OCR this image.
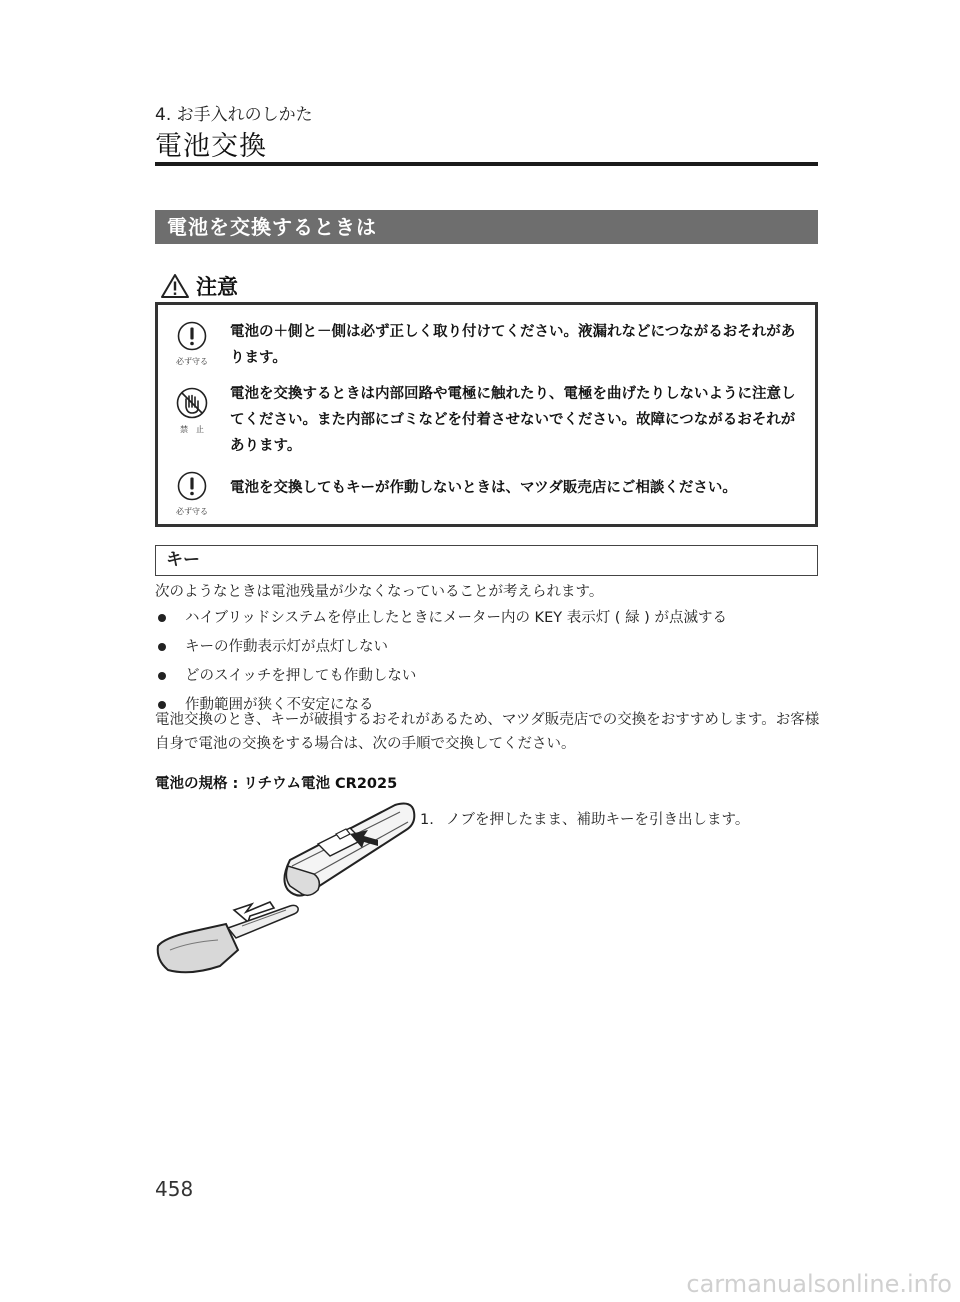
4. お手入れのしかた
電池交換
電池を交換するときは
注意
必ず守る
電池の＋側と－側は必ず正しく取り付けてください。液漏れなどにつながるおそれがあります。
禁　止
電池を交換するときは内部回路や電極に触れたり、電極を曲げたりしないように注意してください。また内部にゴミなどを付着させないでください。故障につながるおそれがあります。
必ず守る
電池を交換してもキーが作動しないときは、マツダ販売店にご相談ください。
キー
次のようなときは電池残量が少なくなっていることが考えられます。
ハイブリッドシステムを停止したときにメーター内の KEY 表示灯 ( 緑 ) が点滅する
キーの作動表示灯が点灯しない
どのスイッチを押しても作動しない
作動範囲が狭く不安定になる
電池交換のとき、キーが破損するおそれがあるため、マツダ販売店での交換をおすすめします。お客様自身で電池の交換をする場合は、次の手順で交換してください。
電池の規格 : リチウム電池 CR2025
1. ノブを押したまま、補助キーを引き出します。
458
carmanualsonline.info
